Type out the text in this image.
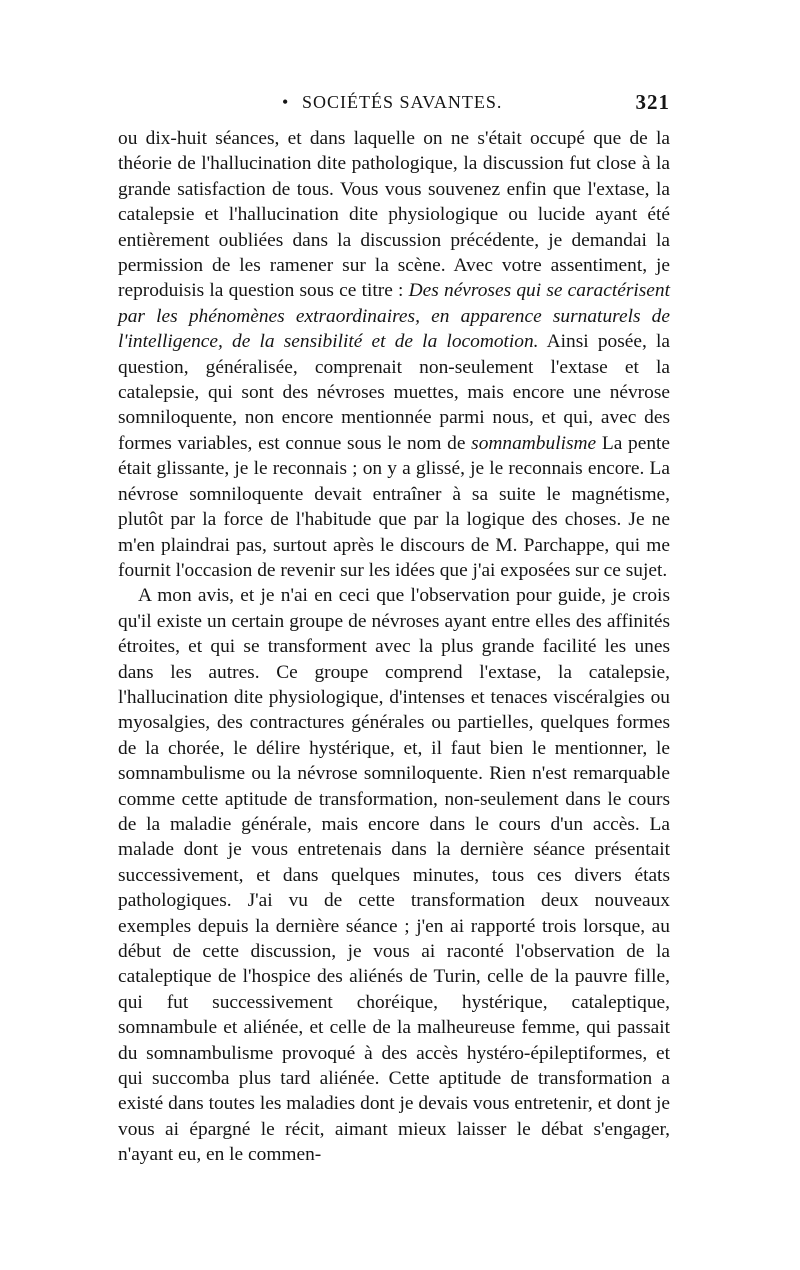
• SOCIÉTÉS SAVANTES.	321

ou dix-huit séances, et dans laquelle on ne s'était occupé que de la théorie de l'hallucination dite pathologique, la discussion fut close à la grande satisfaction de tous. Vous vous souvenez enfin que l'extase, la catalepsie et l'hallucination dite physiologique ou lucide ayant été entièrement oubliées dans la discussion précédente, je demandai la permission de les ramener sur la scène. Avec votre assentiment, je reproduisis la question sous ce titre : Des névroses qui se caractérisent par les phénomènes extraordinaires, en apparence surnaturels de l'intelligence, de la sensibilité et de la locomotion. Ainsi posée, la question, généralisée, comprenait non-seulement l'extase et la catalepsie, qui sont des névroses muettes, mais encore une névrose somniloquente, non encore mentionnée parmi nous, et qui, avec des formes variables, est connue sous le nom de somnambulisme La pente était glissante, je le reconnais ; on y a glissé, je le reconnais encore. La névrose somniloquente devait entraîner à sa suite le magnétisme, plutôt par la force de l'habitude que par la logique des choses. Je ne m'en plaindrai pas, surtout après le discours de M. Parchappe, qui me fournit l'occasion de revenir sur les idées que j'ai exposées sur ce sujet.

A mon avis, et je n'ai en ceci que l'observation pour guide, je crois qu'il existe un certain groupe de névroses ayant entre elles des affinités étroites, et qui se transforment avec la plus grande facilité les unes dans les autres. Ce groupe comprend l'extase, la catalepsie, l'hallucination dite physiologique, d'intenses et tenaces viscéralgies ou myosalgies, des contractures générales ou partielles, quelques formes de la chorée, le délire hystérique, et, il faut bien le mentionner, le somnambulisme ou la névrose somniloquente. Rien n'est remarquable comme cette aptitude de transformation, non-seulement dans le cours de la maladie générale, mais encore dans le cours d'un accès. La malade dont je vous entretenais dans la dernière séance présentait successivement, et dans quelques minutes, tous ces divers états pathologiques. J'ai vu de cette transformation deux nouveaux exemples depuis la dernière séance ; j'en ai rapporté trois lorsque, au début de cette discussion, je vous ai raconté l'observation de la cataleptique de l'hospice des aliénés de Turin, celle de la pauvre fille, qui fut successivement choréique, hystérique, cataleptique, somnambule et aliénée, et celle de la malheureuse femme, qui passait du somnambulisme provoqué à des accès hystéro-épileptiformes, et qui succomba plus tard aliénée. Cette aptitude de transformation a existé dans toutes les maladies dont je devais vous entretenir, et dont je vous ai épargné le récit, aimant mieux laisser le débat s'engager, n'ayant eu, en le commen-
